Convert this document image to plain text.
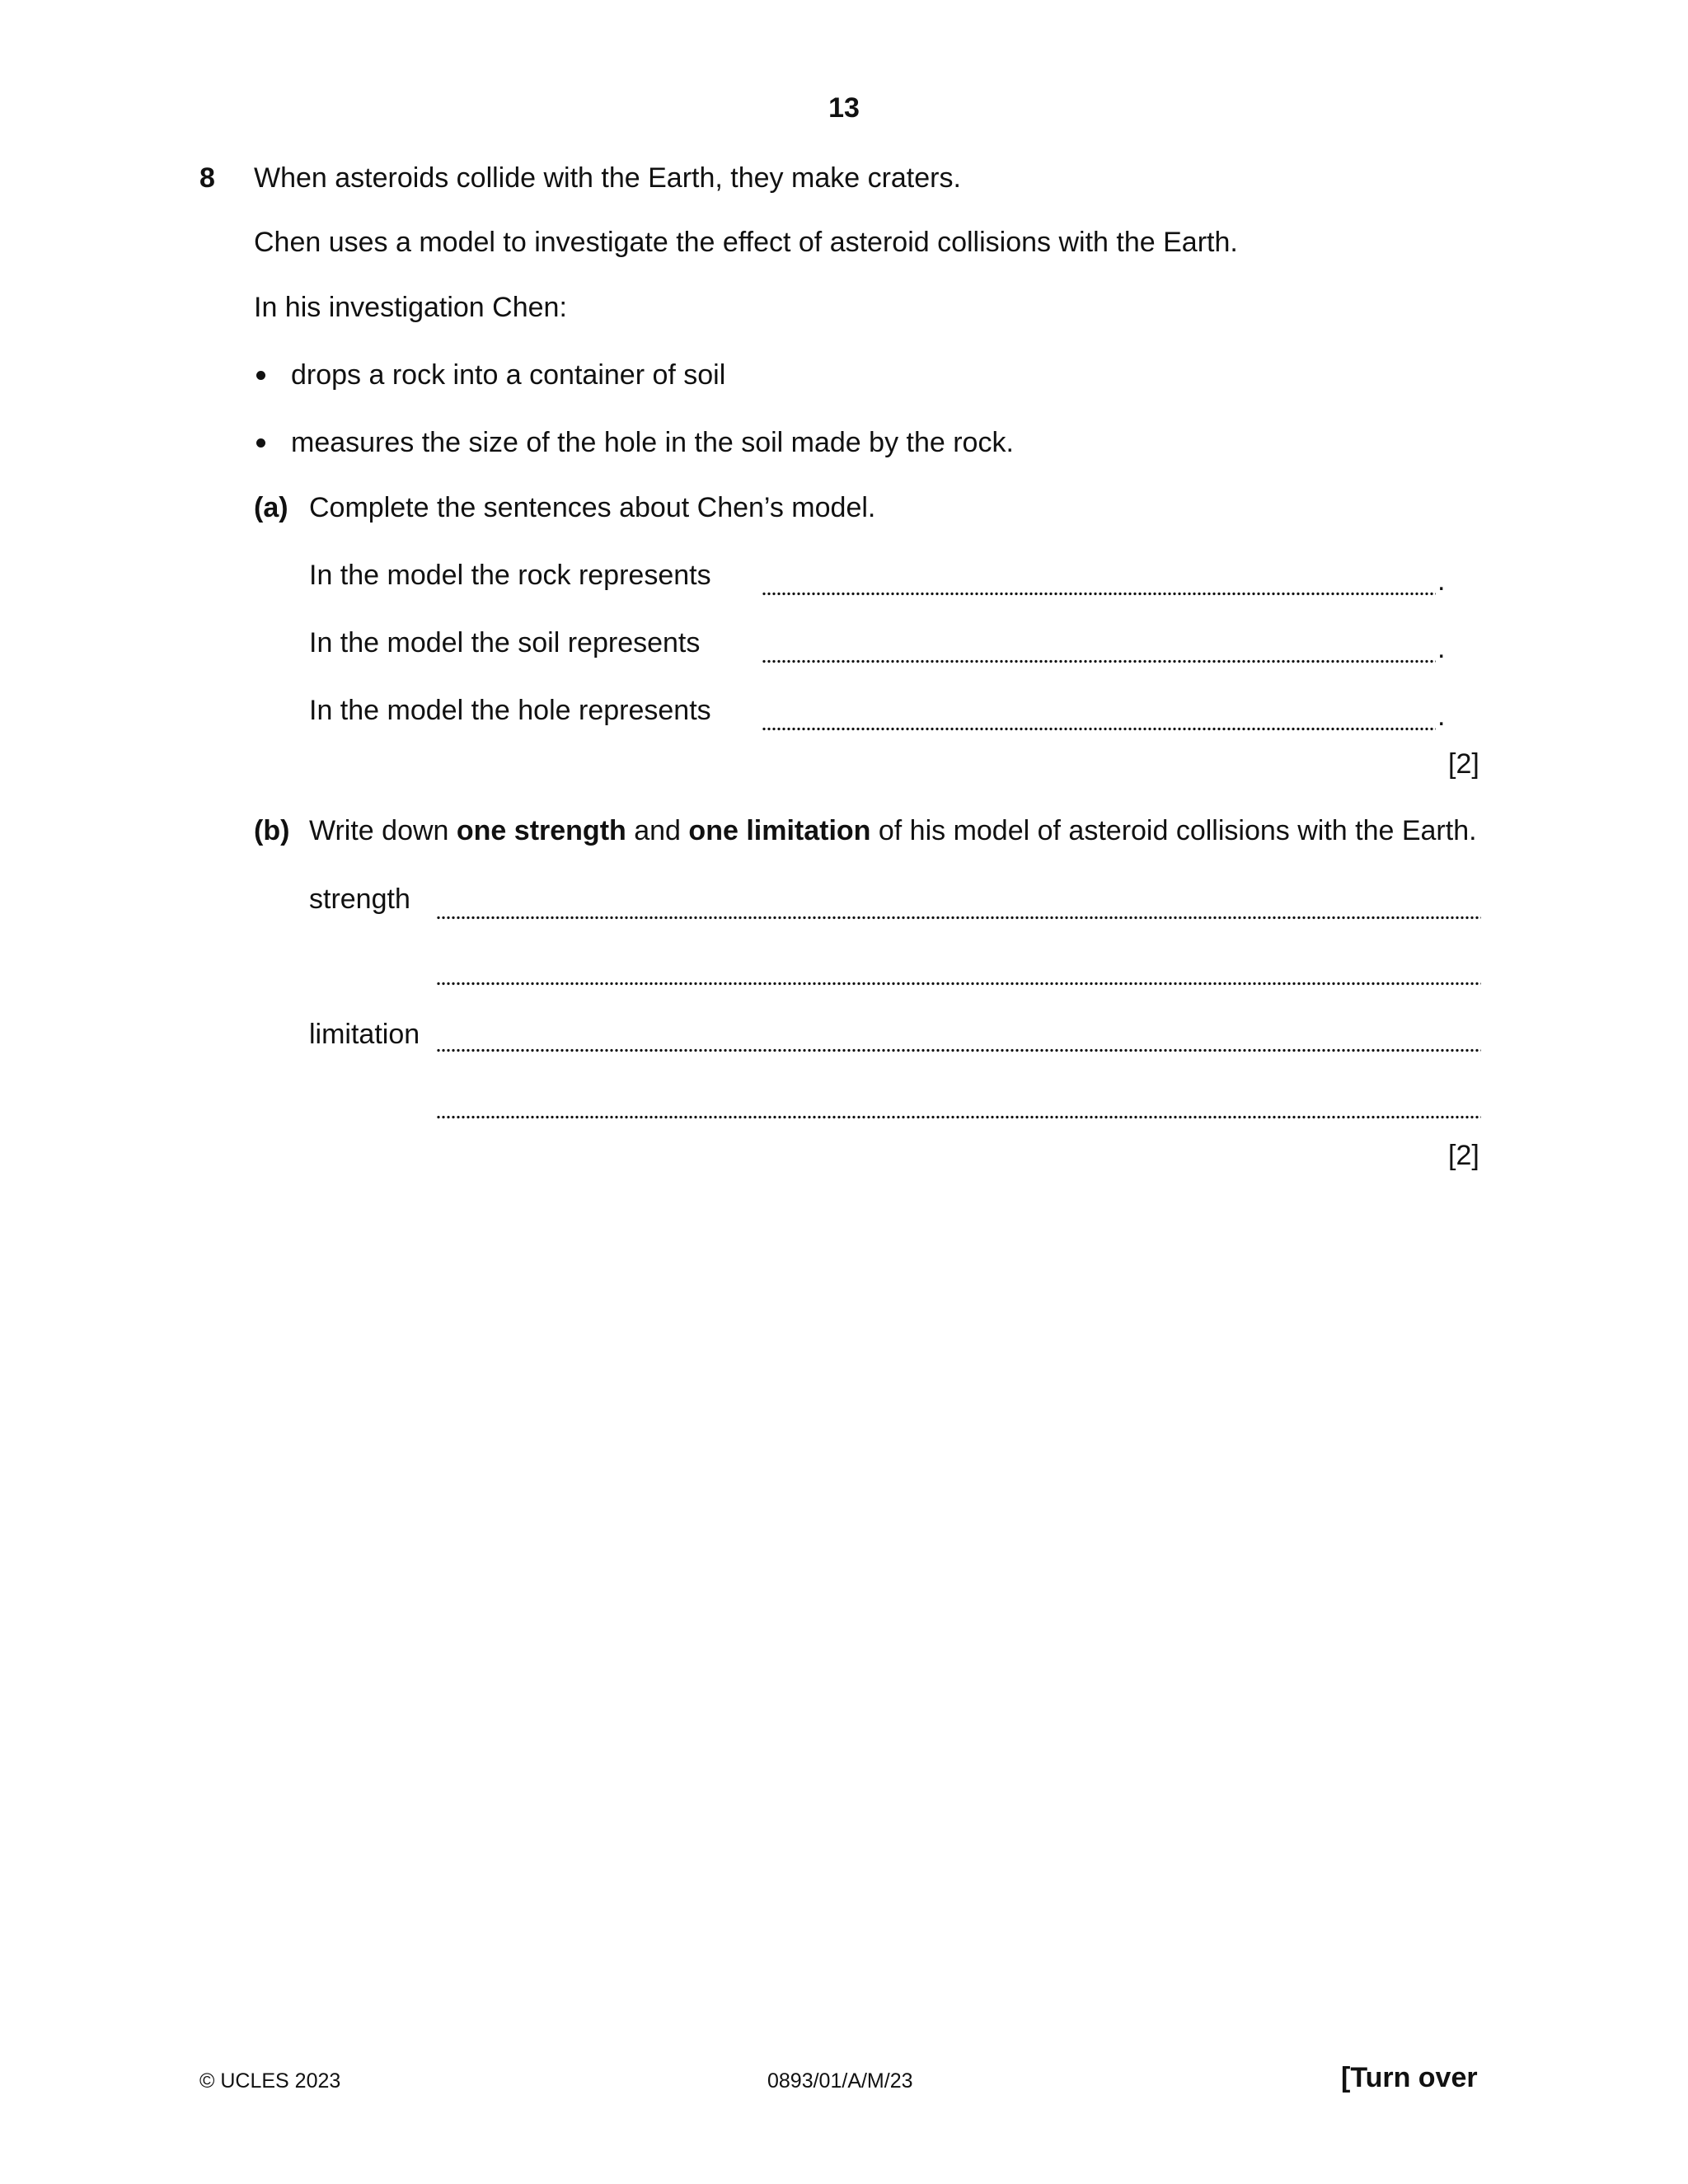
13
8 When asteroids collide with the Earth, they make craters.
Chen uses a model to investigate the effect of asteroid collisions with the Earth.
In his investigation Chen:
drops a rock into a container of soil
measures the size of the hole in the soil made by the rock.
(a) Complete the sentences about Chen’s model.
In the model the rock represents	.
In the model the soil represents	.
In the model the hole represents	.
[2]
(b) Write down one strength and one limitation of his model of asteroid collisions with the Earth.
strength
limitation
[2]
© UCLES 2023	0893/01/A/M/23	[Turn over
